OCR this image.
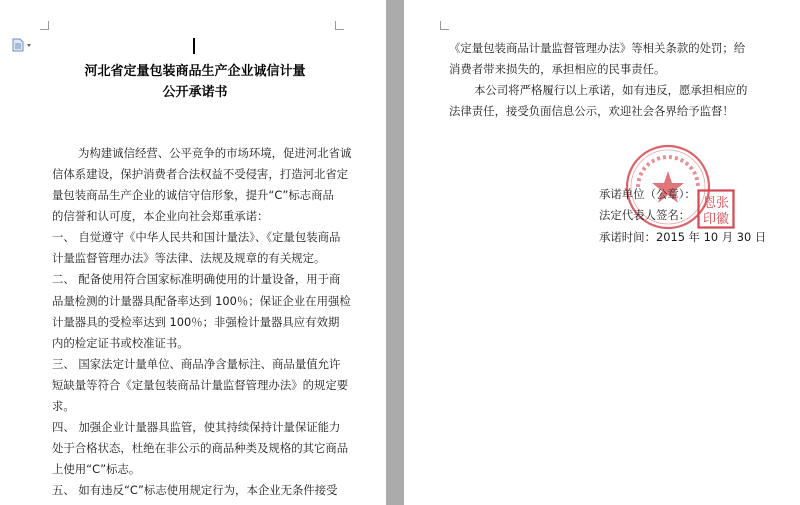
河北省定量包装商品生产企业诚信计量
公开承诺书
为构建诚信经营、公平竞争的市场环境，促进河北省诚
信体系建设，保护消费者合法权益不受侵害，打造河北省定
量包装商品生产企业的诚信守信形象，提升“C”标志商品
的信誉和认可度，本企业向社会郑重承诺：
一、 自觉遵守《中华人民共和国计量法》、《定量包装商品
计量监督管理办法》等法律、法规及规章的有关规定。
二、 配备使用符合国家标准明确使用的计量设备，用于商
品量检测的计量器具配备率达到 100％；保证企业在用强检
计量器具的受检率达到 100％；非强检计量器具应有效期
内的检定证书或校准证书。
三、 国家法定计量单位、商品净含量标注、商品量值允许
短缺量等符合《定量包装商品计量监督管理办法》的规定要
求。
四、 加强企业计量器具监管，使其持续保持计量保证能力
处于合格状态，杜绝在非公示的商品种类及规格的其它商品
上使用“C”标志。
五、 如有违反“C”标志使用规定行为，本企业无条件接受
《定量包装商品计量监督管理办法》等相关条款的处罚；给
消费者带来损失的，承担相应的民事责任。
本公司将严格履行以上承诺，如有违反，愿承担相应的
法律责任，接受负面信息公示，欢迎社会各界给予监督！
恩张
印徽
承诺单位（公章）：
法定代表人签名：
承诺时间：2015 年 10 月 30 日
